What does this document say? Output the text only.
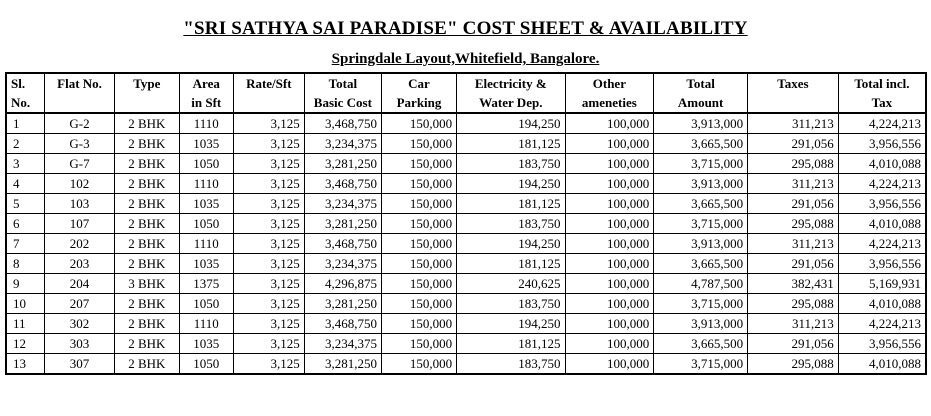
"SRI SATHYA SAI PARADISE" COST SHEET & AVAILABILITY
Springdale Layout,Whitefield, Bangalore.
Sl.	Flat No.	Type	Area	Rate/Sft	Total	Car	Electricity &	Other	Total	Taxes	Total incl.
No.			in Sft		Basic Cost	Parking	Water Dep.	ameneties	Amount		Tax
1	G-2	2 BHK	1110	3,125	3,468,750	150,000	194,250	100,000	3,913,000	311,213	4,224,213
2	G-3	2 BHK	1035	3,125	3,234,375	150,000	181,125	100,000	3,665,500	291,056	3,956,556
3	G-7	2 BHK	1050	3,125	3,281,250	150,000	183,750	100,000	3,715,000	295,088	4,010,088
4	102	2 BHK	1110	3,125	3,468,750	150,000	194,250	100,000	3,913,000	311,213	4,224,213
5	103	2 BHK	1035	3,125	3,234,375	150,000	181,125	100,000	3,665,500	291,056	3,956,556
6	107	2 BHK	1050	3,125	3,281,250	150,000	183,750	100,000	3,715,000	295,088	4,010,088
7	202	2 BHK	1110	3,125	3,468,750	150,000	194,250	100,000	3,913,000	311,213	4,224,213
8	203	2 BHK	1035	3,125	3,234,375	150,000	181,125	100,000	3,665,500	291,056	3,956,556
9	204	3 BHK	1375	3,125	4,296,875	150,000	240,625	100,000	4,787,500	382,431	5,169,931
10	207	2 BHK	1050	3,125	3,281,250	150,000	183,750	100,000	3,715,000	295,088	4,010,088
11	302	2 BHK	1110	3,125	3,468,750	150,000	194,250	100,000	3,913,000	311,213	4,224,213
12	303	2 BHK	1035	3,125	3,234,375	150,000	181,125	100,000	3,665,500	291,056	3,956,556
13	307	2 BHK	1050	3,125	3,281,250	150,000	183,750	100,000	3,715,000	295,088	4,010,088
